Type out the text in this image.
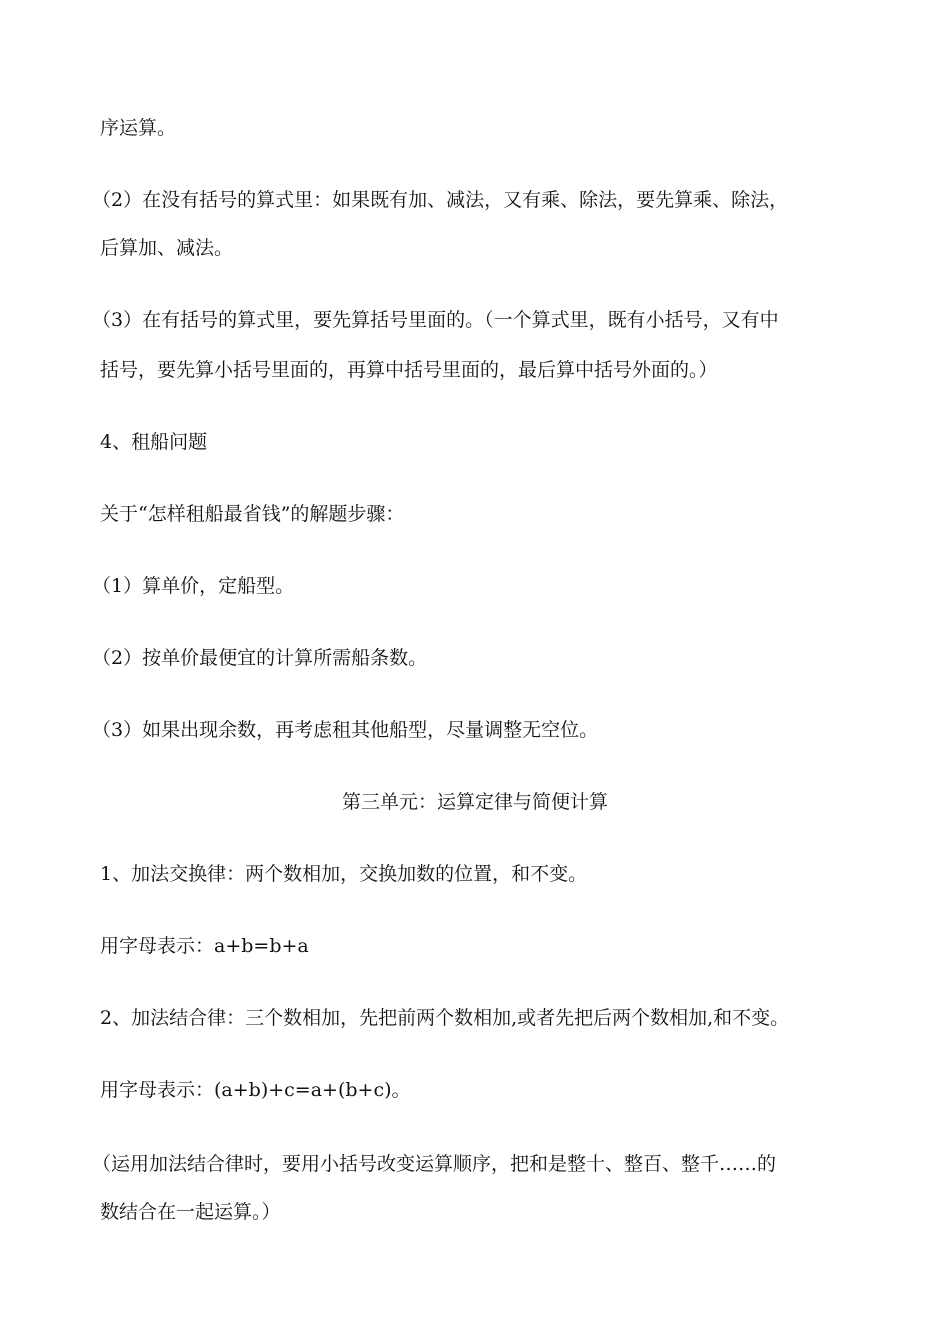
序运算。
（2）在没有括号的算式里：如果既有加、减法，又有乘、除法，要先算乘、除法，
后算加、减法。
（3）在有括号的算式里，要先算括号里面的。（一个算式里，既有小括号，又有中
括号，要先算小括号里面的，再算中括号里面的，最后算中括号外面的。）
4、租船问题
关于“怎样租船最省钱”的解题步骤：
（1）算单价，定船型。
（2）按单价最便宜的计算所需船条数。
（3）如果出现余数，再考虑租其他船型，尽量调整无空位。
第三单元：运算定律与简便计算
1、加法交换律：两个数相加，交换加数的位置，和不变。
用字母表示：a+b=b+a
2、加法结合律：三个数相加，先把前两个数相加,或者先把后两个数相加,和不变。
用字母表示：(a+b)+c=a+(b+c)。
（运用加法结合律时，要用小括号改变运算顺序，把和是整十、整百、整千……的
数结合在一起运算。）
